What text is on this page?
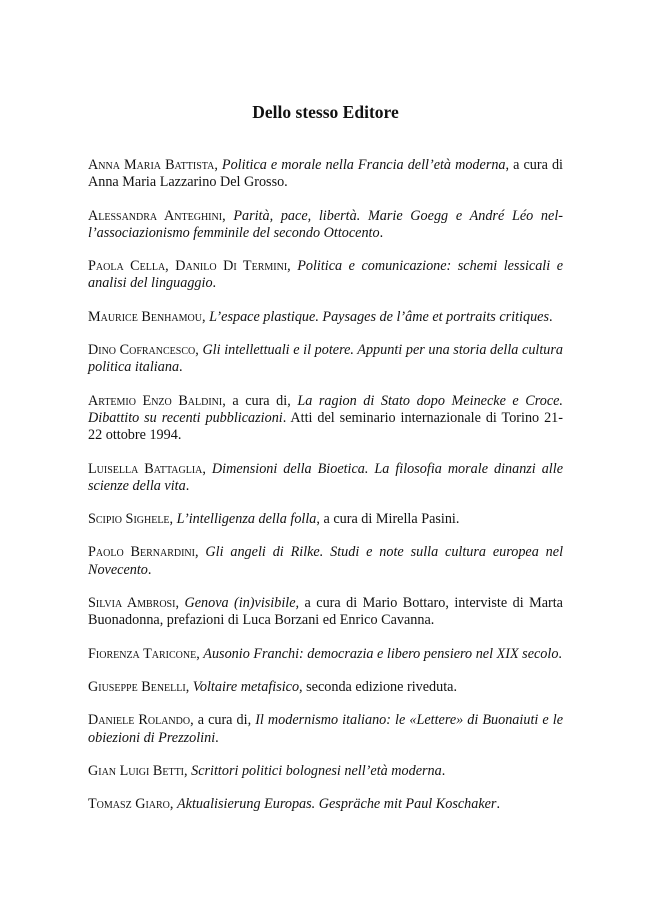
Dello stesso Editore
Anna Maria Battista, Politica e morale nella Francia dell’età moderna, a cura di Anna Maria Lazzarino Del Grosso.
Alessandra Anteghini, Parità, pace, libertà. Marie Goegg e André Léo nell’associazionismo femminile del secondo Ottocento.
Paola Cella, Danilo Di Termini, Politica e comunicazione: schemi lessicali e analisi del linguaggio.
Maurice Benhamou, L’espace plastique. Paysages de l’âme et portraits critiques.
Dino Cofrancesco, Gli intellettuali e il potere. Appunti per una storia della cultura politica italiana.
Artemio Enzo Baldini, a cura di, La ragion di Stato dopo Meinecke e Croce. Dibattito su recenti pubblicazioni. Atti del seminario internazionale di Torino 21-22 ottobre 1994.
Luisella Battaglia, Dimensioni della Bioetica. La filosofia morale dinanzi alle scienze della vita.
Scipio Sighele, L’intelligenza della folla, a cura di Mirella Pasini.
Paolo Bernardini, Gli angeli di Rilke. Studi e note sulla cultura europea nel Novecento.
Silvia Ambrosi, Genova (in)visibile, a cura di Mario Bottaro, interviste di Marta Buonadonna, prefazioni di Luca Borzani ed Enrico Cavanna.
Fiorenza Taricone, Ausonio Franchi: democrazia e libero pensiero nel XIX secolo.
Giuseppe Benelli, Voltaire metafisico, seconda edizione riveduta.
Daniele Rolando, a cura di, Il modernismo italiano: le «Lettere» di Buonaiuti e le obiezioni di Prezzolini.
Gian Luigi Betti, Scrittori politici bolognesi nell’età moderna.
Tomasz Giaro, Aktualisierung Europas. Gespräche mit Paul Koschaker.
